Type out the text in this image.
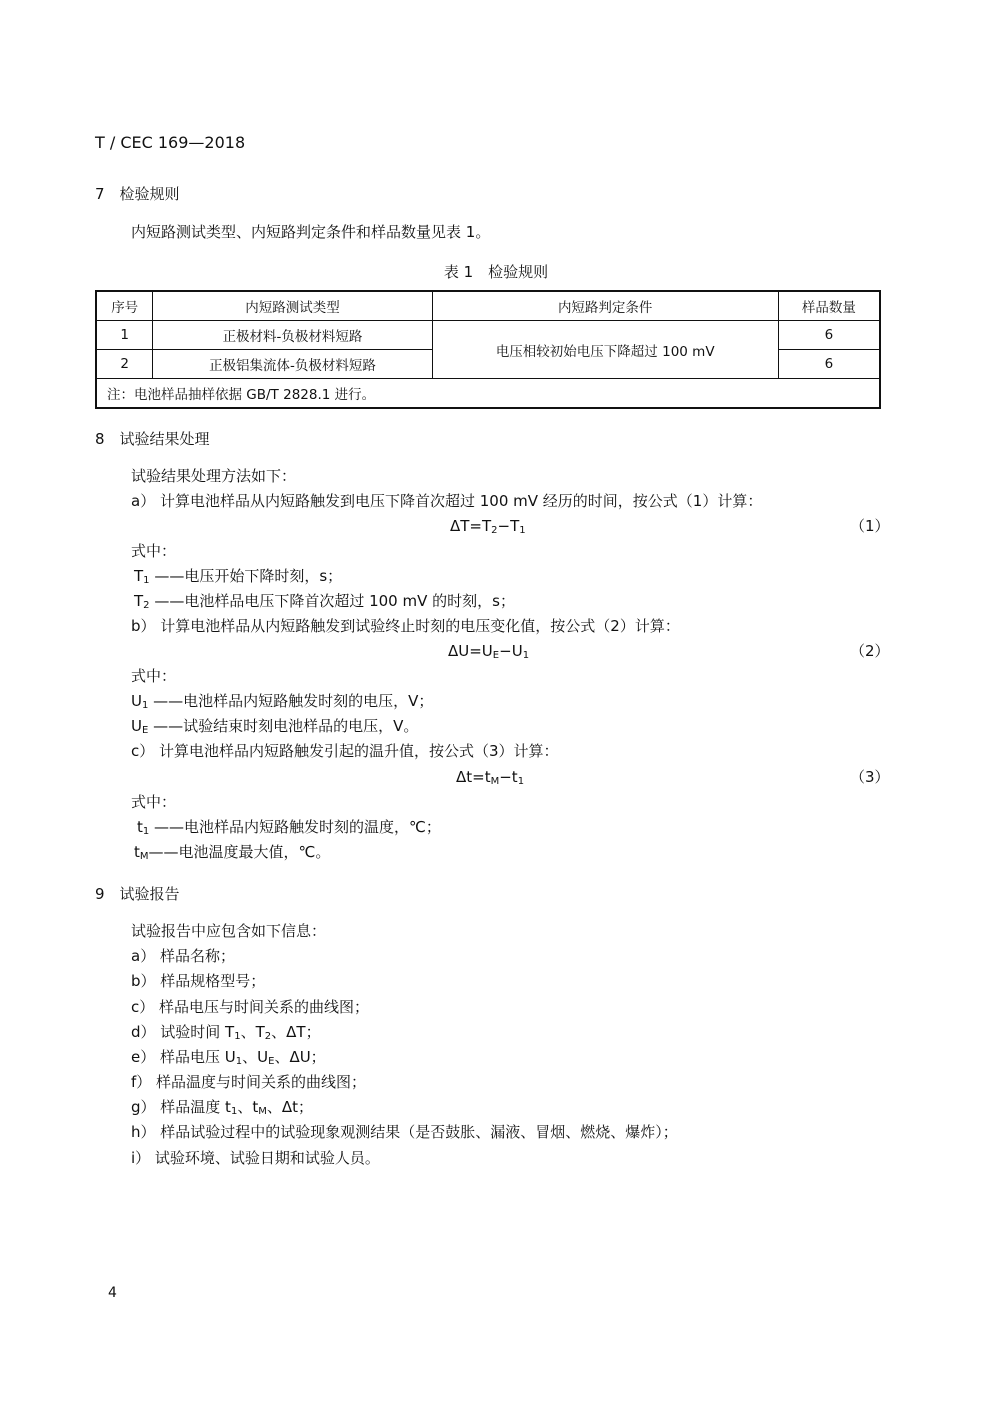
T / CEC 169—2018
7　检验规则
内短路测试类型、内短路判定条件和样品数量见表 1。
表 1　检验规则
序号	内短路测试类型	内短路判定条件	样品数量
1	正极材料-负极材料短路	电压相较初始电压下降超过 100 mV	6
2	正极铝集流体-负极材料短路		6
注：电池样品抽样依据 GB/T 2828.1 进行。			
8　试验结果处理
试验结果处理方法如下：
a） 计算电池样品从内短路触发到电压下降首次超过 100 mV 经历的时间，按公式（1）计算：
$\Delta T=T_2-T_1$	（1）
式中：
$T_1$ ——电压开始下降时刻，s；
$T_2$ ——电池样品电压下降首次超过 100 mV 的时刻，s；
b） 计算电池样品从内短路触发到试验终止时刻的电压变化值，按公式（2）计算：
$\Delta U=U_E-U_1$	（2）
式中：
$U_1$ ——电池样品内短路触发时刻的电压，V；
$U_E$ ——试验结束时刻电池样品的电压，V。
c） 计算电池样品内短路触发引起的温升值，按公式（3）计算：
$\Delta t=t_M-t_1$	（3）
式中：
$t_1$ ——电池样品内短路触发时刻的温度，℃；
$t_M——$电池温度最大值，℃。
9　试验报告
试验报告中应包含如下信息：
a） 样品名称；
b） 样品规格型号；
c） 样品电压与时间关系的曲线图；
d） 试验时间 $T_1$、$T_2$、ΔT；
e） 样品电压 $U_1$、$U_E$、ΔU；
f） 样品温度与时间关系的曲线图；
g） 样品温度 $t_1$、$t_M$、Δt；
h） 样品试验过程中的试验现象观测结果（是否鼓胀、漏液、冒烟、燃烧、爆炸）；
i） 试验环境、试验日期和试验人员。
4
